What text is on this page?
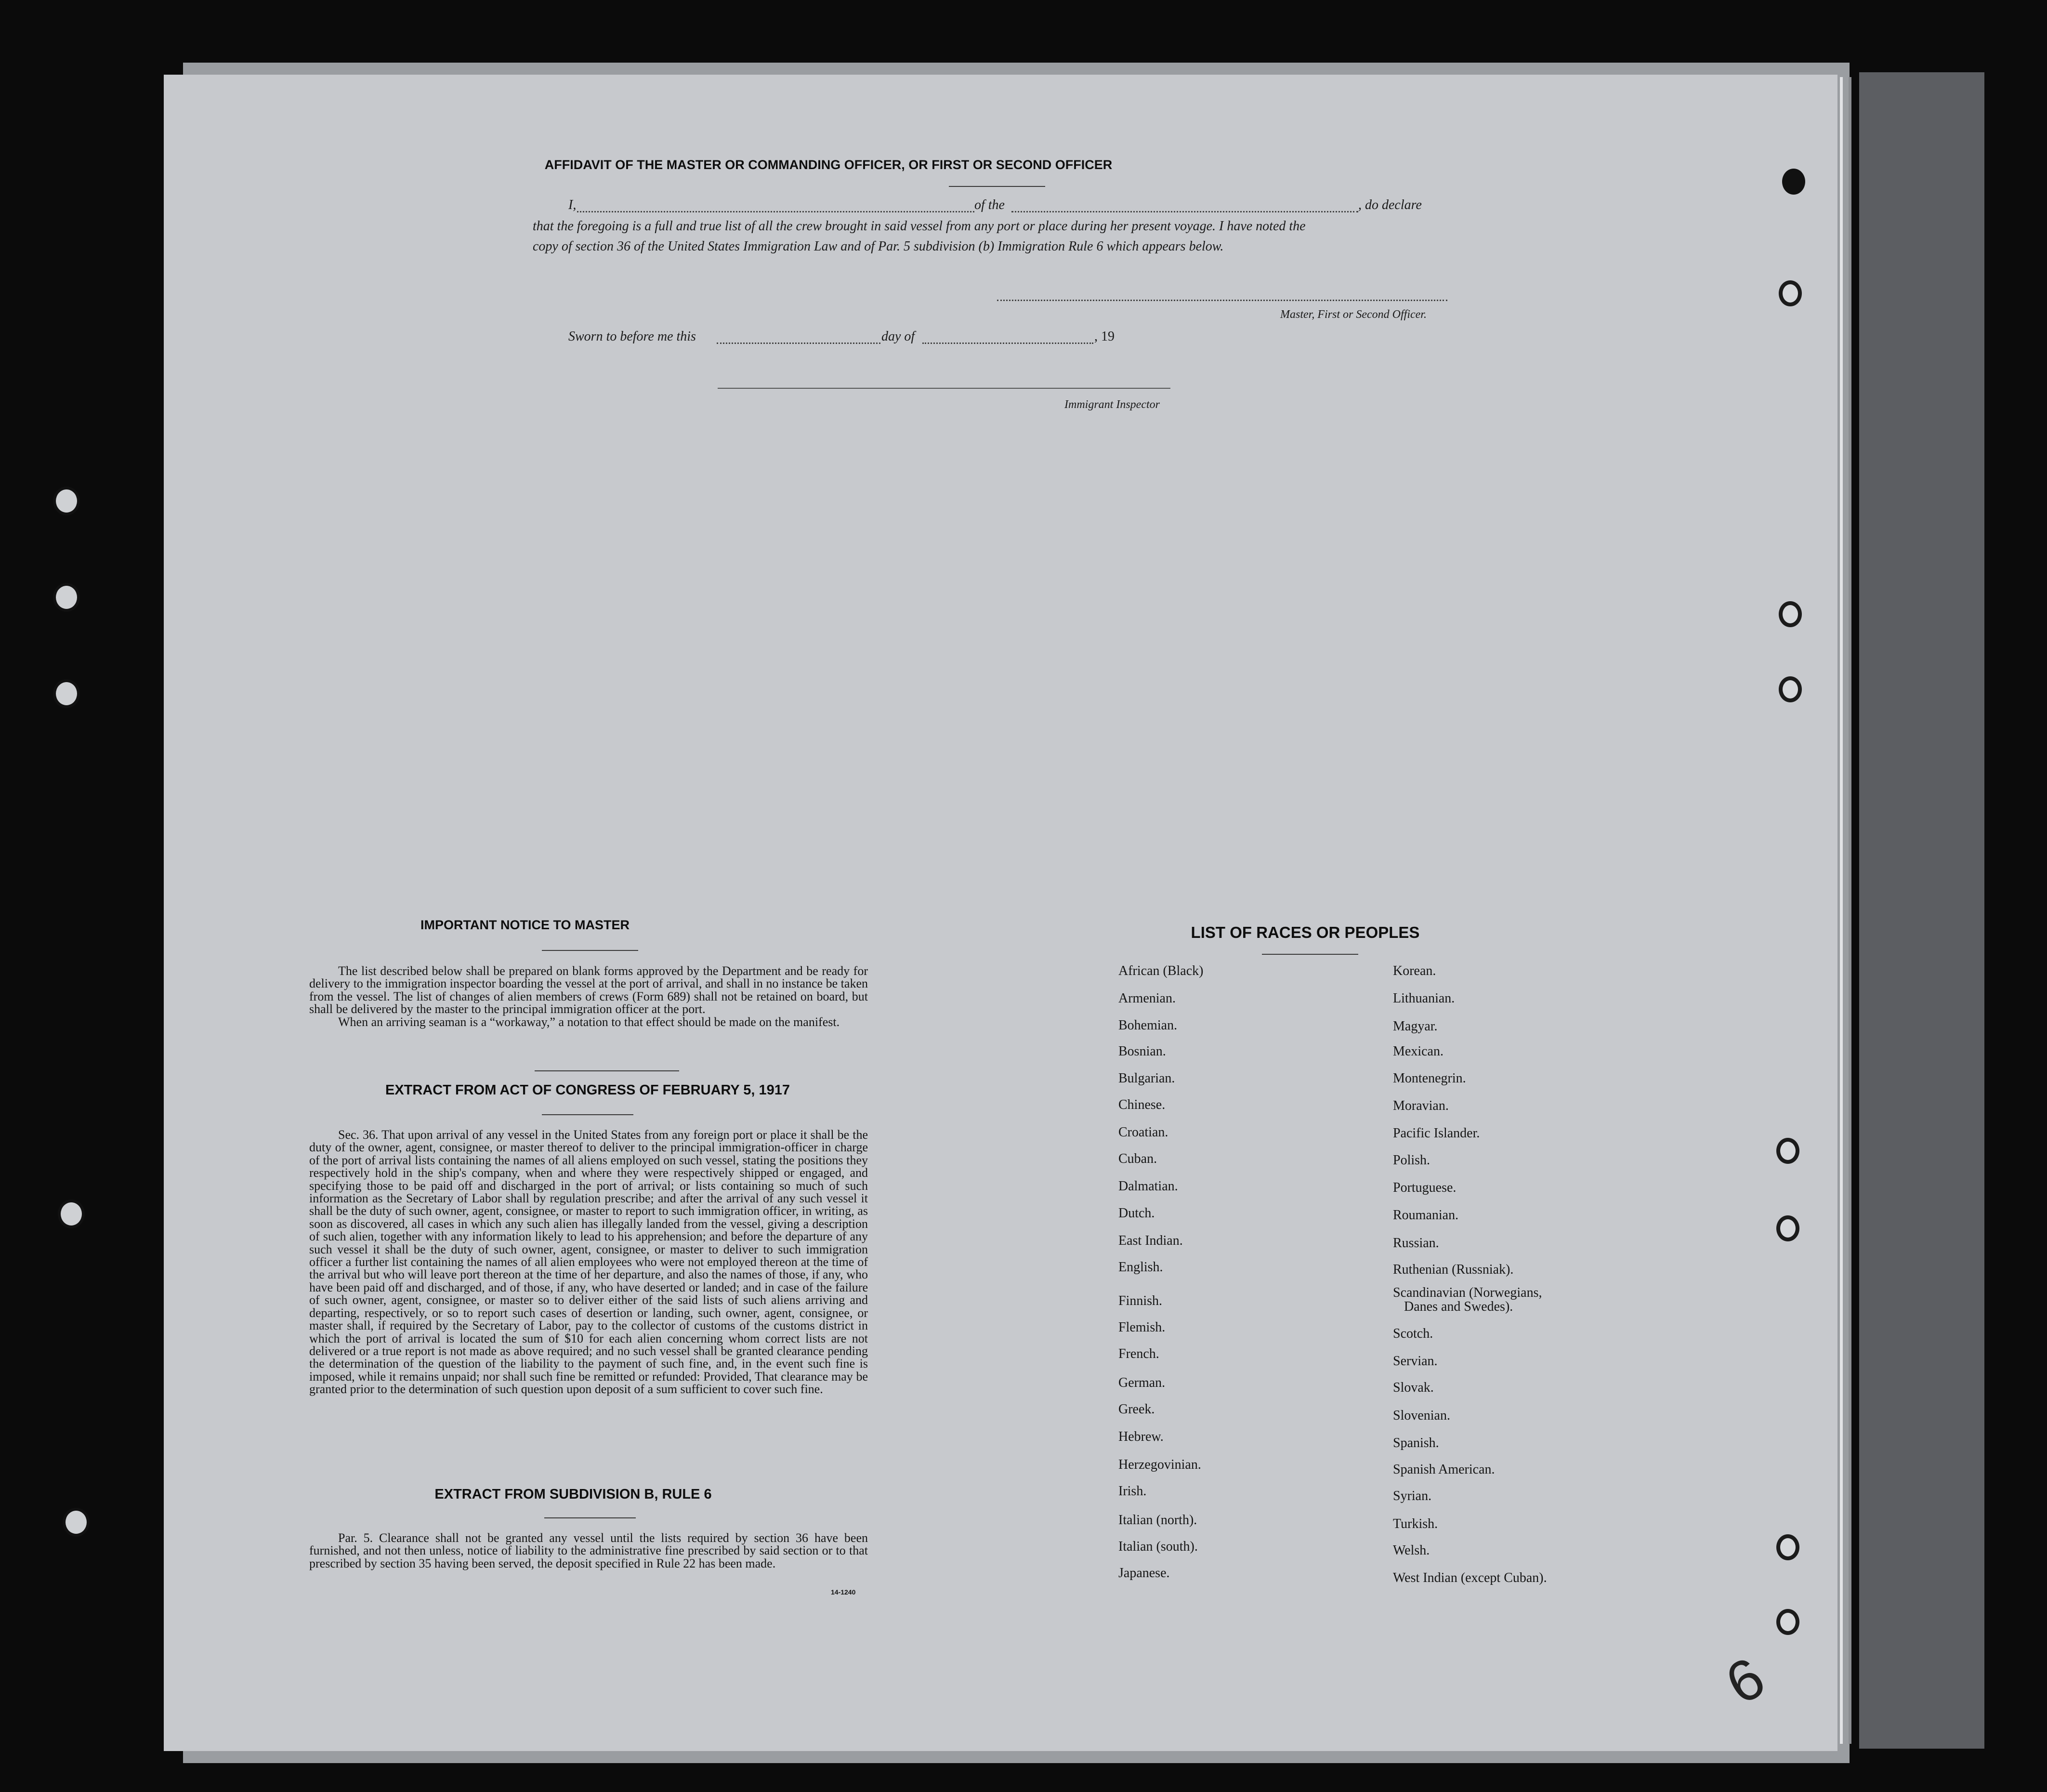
AFFIDAVIT OF THE MASTER OR COMMANDING OFFICER, OR FIRST OR SECOND OFFICER
I,	of the	, do declare
that the foregoing is a full and true list of all the crew brought in said vessel from any port or place during her present voyage. I have noted the
copy of section 36 of the United States Immigration Law and of Par. 5 subdivision (b) Immigration Rule 6 which appears below.
Master, First or Second Officer.
Sworn to before me this	day of	, 19
Immigrant Inspector
IMPORTANT NOTICE TO MASTER

The list described below shall be prepared on blank forms approved by the Department and be ready for delivery to the immigration inspector boarding the vessel at the port of arrival, and shall in no instance be taken from the vessel. The list of changes of alien members of crews (Form 689) shall not be retained on board, but shall be delivered by the master to the principal immigration officer at the port.

When an arriving seaman is a “workaway,” a notation to that effect should be made on the manifest.

EXTRACT FROM ACT OF CONGRESS OF FEBRUARY 5, 1917

Sec. 36. That upon arrival of any vessel in the United States from any foreign port or place it shall be the duty of the owner, agent, consignee, or master thereof to deliver to the principal immigration-officer in charge of the port of arrival lists containing the names of all aliens employed on such vessel, stating the positions they respectively hold in the ship's company, when and where they were respectively shipped or engaged, and specifying those to be paid off and discharged in the port of arrival; or lists containing so much of such information as the Secretary of Labor shall by regulation prescribe; and after the arrival of any such vessel it shall be the duty of such owner, agent, consignee, or master to report to such immigration officer, in writing, as soon as discovered, all cases in which any such alien has illegally landed from the vessel, giving a description of such alien, together with any information likely to lead to his apprehension; and before the departure of any such vessel it shall be the duty of such owner, agent, consignee, or master to deliver to such immigration officer a further list containing the names of all alien employees who were not employed thereon at the time of the arrival but who will leave port thereon at the time of her departure, and also the names of those, if any, who have been paid off and discharged, and of those, if any, who have deserted or landed; and in case of the failure of such owner, agent, consignee, or master so to deliver either of the said lists of such aliens arriving and departing, respectively, or so to report such cases of desertion or landing, such owner, agent, consignee, or master shall, if required by the Secretary of Labor, pay to the collector of customs of the customs district in which the port of arrival is located the sum of $10 for each alien concerning whom correct lists are not delivered or a true report is not made as above required; and no such vessel shall be granted clearance pending the determination of the question of the liability to the payment of such fine, and, in the event such fine is imposed, while it remains unpaid; nor shall such fine be remitted or refunded: Provided, That clearance may be granted prior to the determination of such question upon deposit of a sum sufficient to cover such fine.

EXTRACT FROM SUBDIVISION B, RULE 6

Par. 5. Clearance shall not be granted any vessel until the lists required by section 36 have been furnished, and not then unless, notice of liability to the administrative fine prescribed by said section or to that prescribed by section 35 having been served, the deposit specified in Rule 22 has been made.

14-1240
LIST OF RACES OR PEOPLES
African (Black)
Armenian.
Bohemian.
Bosnian.
Bulgarian.
Chinese.
Croatian.
Cuban.
Dalmatian.
Dutch.
East Indian.
English.
Finnish.
Flemish.
French.
German.
Greek.
Hebrew.
Herzegovinian.
Irish.
Italian (north).
Italian (south).
Japanese.
Korean.
Lithuanian.
Magyar.
Mexican.
Montenegrin.
Moravian.
Pacific Islander.
Polish.
Portuguese.
Roumanian.
Russian.
Ruthenian (Russniak).
Scandinavian (Norwegians,
Danes and Swedes).
Scotch.
Servian.
Slovak.
Slovenian.
Spanish.
Spanish American.
Syrian.
Turkish.
Welsh.
West Indian (except Cuban).
6
